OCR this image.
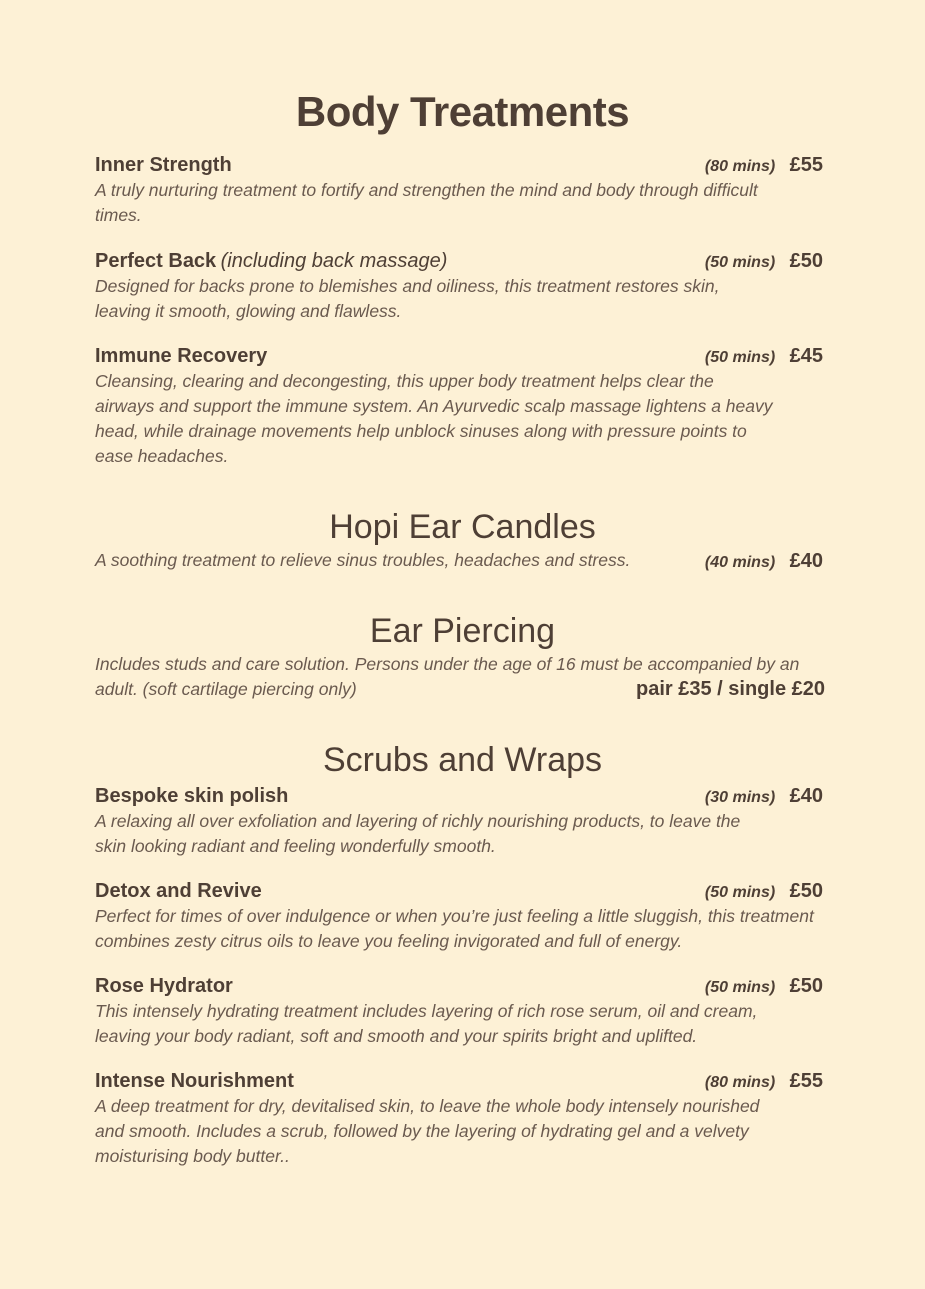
Body Treatments
Inner Strength	(80 mins) £55

A truly nurturing treatment to fortify and strengthen the mind and body through difficult times.

Perfect Back (including back massage)	(50 mins) £50

Designed for backs prone to blemishes and oiliness, this treatment restores skin, leaving it smooth, glowing and flawless.

Immune Recovery	(50 mins) £45

Cleansing, clearing and decongesting, this upper body treatment helps clear the airways and support the immune system. An Ayurvedic scalp massage lightens a heavy head, while drainage movements help unblock sinuses along with pressure points to ease headaches.

Hopi Ear Candles
A soothing treatment to relieve sinus troubles, headaches and stress.	(40 mins) £40
Ear Piercing

Includes studs and care solution. Persons under the age of 16 must be accompanied by an

adult. (soft cartilage piercing only)	pair £35 / single £20
Scrubs and Wraps
Bespoke skin polish	(30 mins) £40

A relaxing all over exfoliation and layering of richly nourishing products, to leave the skin looking radiant and feeling wonderfully smooth.

Detox and Revive	(50 mins) £50

Perfect for times of over indulgence or when you’re just feeling a little sluggish, this treatment combines zesty citrus oils to leave you feeling invigorated and full of energy.

Rose Hydrator	(50 mins) £50

This intensely hydrating treatment includes layering of rich rose serum, oil and cream, leaving your body radiant, soft and smooth and your spirits bright and uplifted.

Intense Nourishment	(80 mins) £55

A deep treatment for dry, devitalised skin, to leave the whole body intensely nourished and smooth. Includes a scrub, followed by the layering of hydrating gel and a velvety moisturising body butter..
